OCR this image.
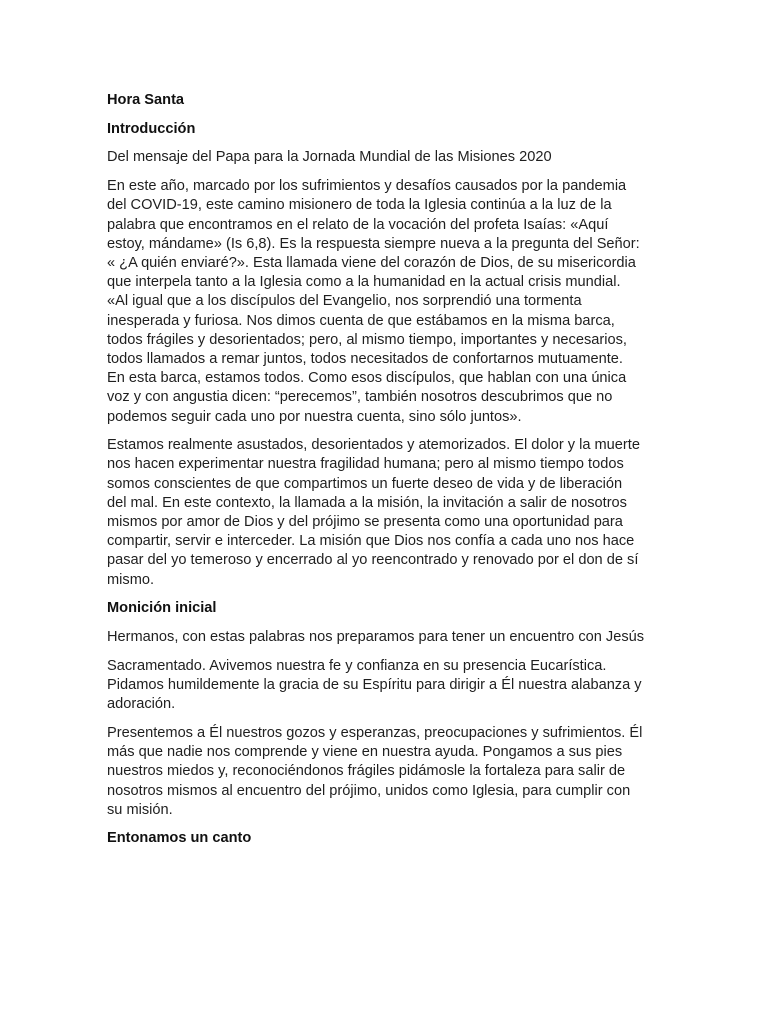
Hora Santa

Introducción

Del mensaje del Papa para la Jornada Mundial de las Misiones 2020

En este año, marcado por los sufrimientos y desafíos causados por la pandemia
del COVID-19, este camino misionero de toda la Iglesia continúa a la luz de la
palabra que encontramos en el relato de la vocación del profeta Isaías: «Aquí
estoy, mándame» (Is 6,8). Es la respuesta siempre nueva a la pregunta del Señor:
« ¿A quién enviaré?». Esta llamada viene del corazón de Dios, de su misericordia
que interpela tanto a la Iglesia como a la humanidad en la actual crisis mundial.
«Al igual que a los discípulos del Evangelio, nos sorprendió una tormenta
inesperada y furiosa. Nos dimos cuenta de que estábamos en la misma barca,
todos frágiles y desorientados; pero, al mismo tiempo, importantes y necesarios,
todos llamados a remar juntos, todos necesitados de confortarnos mutuamente.
En esta barca, estamos todos. Como esos discípulos, que hablan con una única
voz y con angustia dicen: “perecemos”, también nosotros descubrimos que no
podemos seguir cada uno por nuestra cuenta, sino sólo juntos».

Estamos realmente asustados, desorientados y atemorizados. El dolor y la muerte
nos hacen experimentar nuestra fragilidad humana; pero al mismo tiempo todos
somos conscientes de que compartimos un fuerte deseo de vida y de liberación
del mal. En este contexto, la llamada a la misión, la invitación a salir de nosotros
mismos por amor de Dios y del prójimo se presenta como una oportunidad para
compartir, servir e interceder. La misión que Dios nos confía a cada uno nos hace
pasar del yo temeroso y encerrado al yo reencontrado y renovado por el don de sí
mismo.

Monición inicial

Hermanos, con estas palabras nos preparamos para tener un encuentro con Jesús

Sacramentado. Avivemos nuestra fe y confianza en su presencia Eucarística.
Pidamos humildemente la gracia de su Espíritu para dirigir a Él nuestra alabanza y
adoración.

Presentemos a Él nuestros gozos y esperanzas, preocupaciones y sufrimientos. Él
más que nadie nos comprende y viene en nuestra ayuda. Pongamos a sus pies
nuestros miedos y, reconociéndonos frágiles pidámosle la fortaleza para salir de
nosotros mismos al encuentro del prójimo, unidos como Iglesia, para cumplir con
su misión.

Entonamos un canto
